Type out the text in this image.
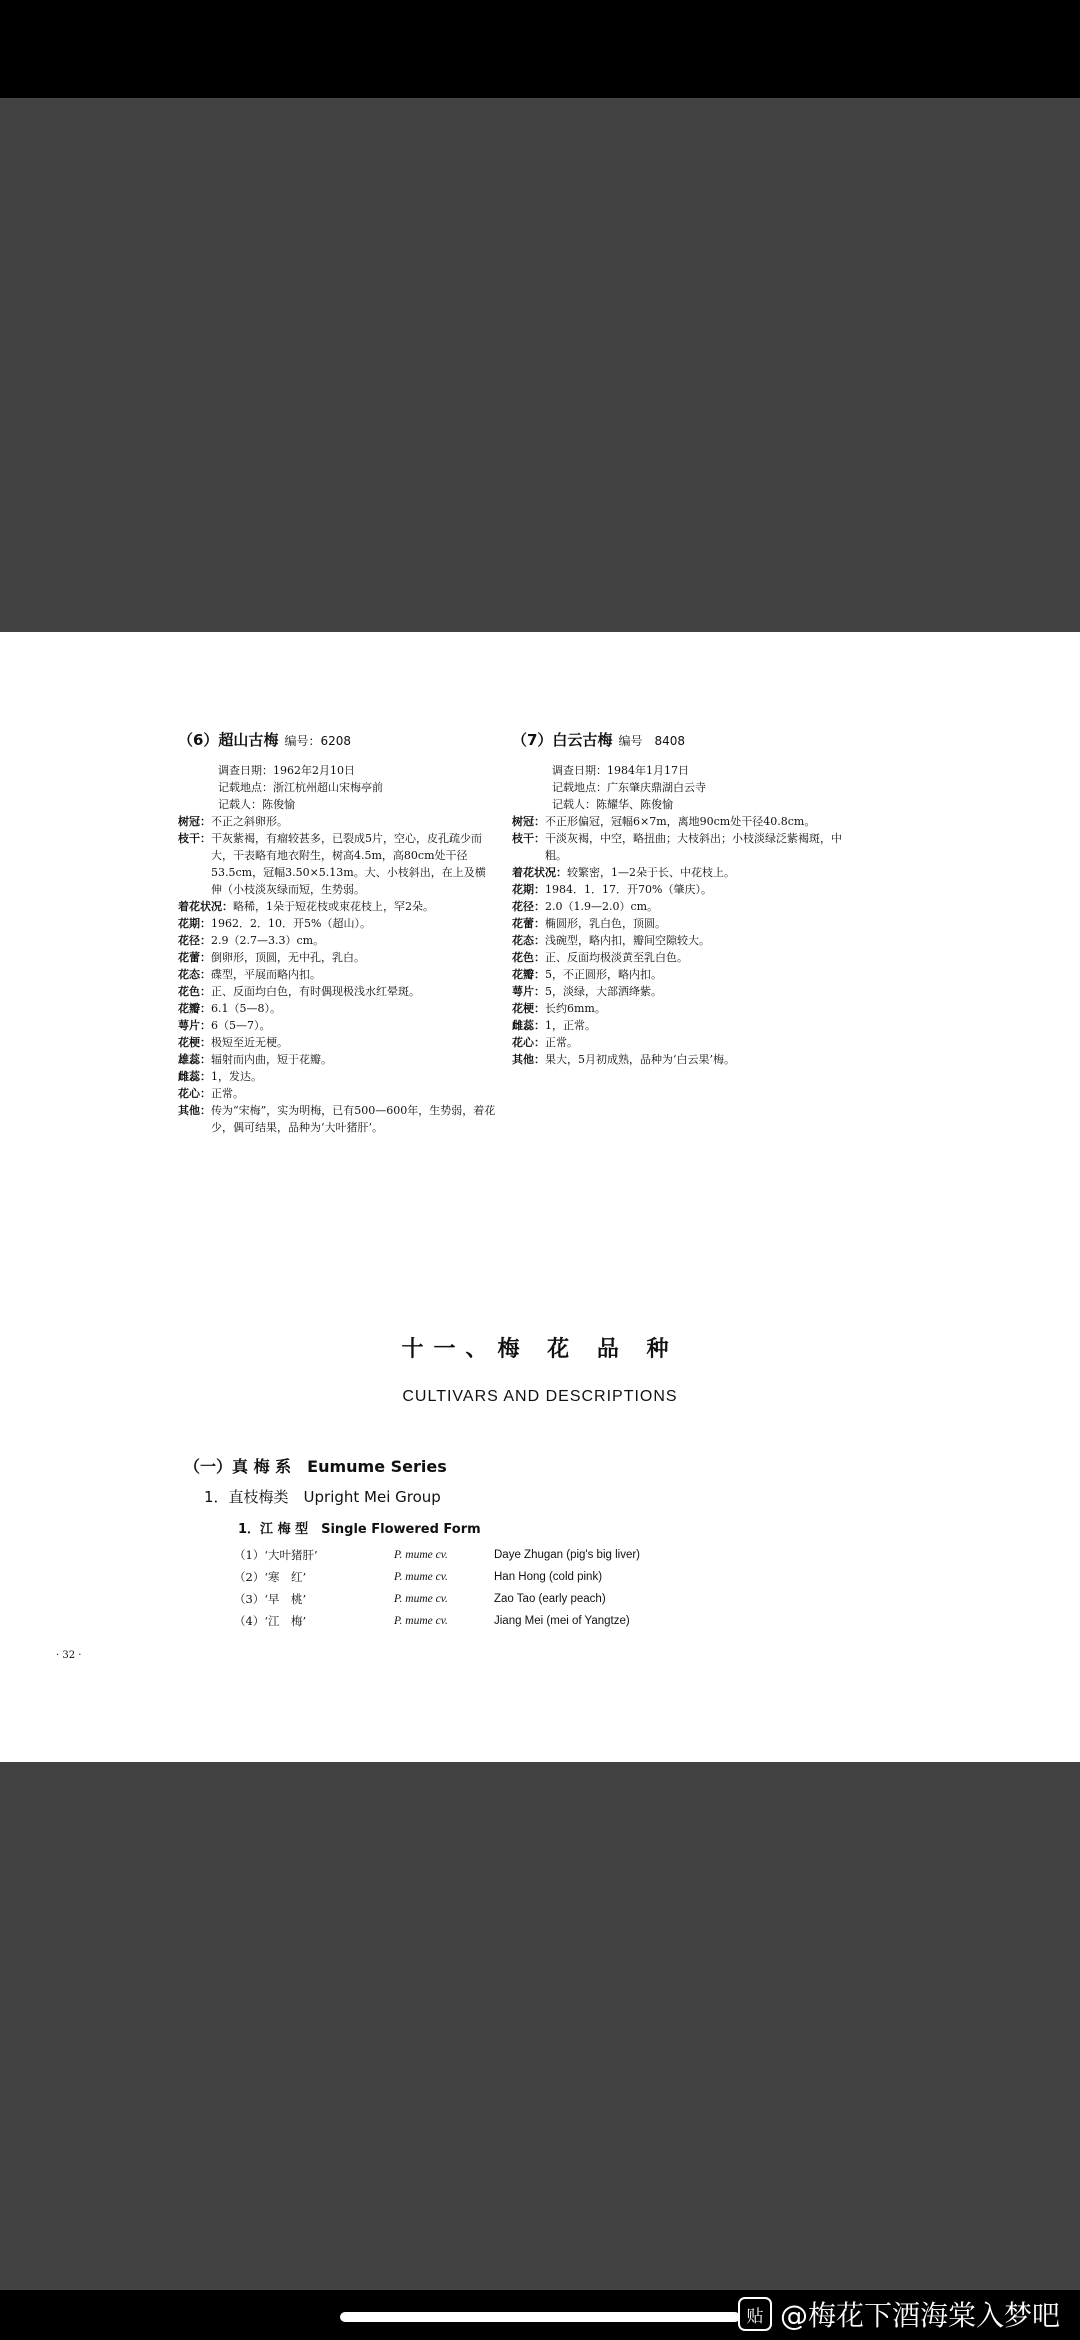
（6）超山古梅 编号：6208
调查日期：1962年2月10日
记载地点：浙江杭州超山宋梅亭前
记载人：陈俊愉
树冠： 不正之斜卵形。
枝干： 干灰紫褐，有瘤较甚多，已裂成5片，空心，皮孔疏少而大，干表略有地衣附生，树高4.5m，高80cm处干径53.5cm，冠幅3.50×5.13m。大、小枝斜出，在上及横伸（小枝淡灰绿而短，生势弱。
着花状况： 略稀，1朵于短花枝或束花枝上，罕2朵。
花期： 1962．2．10．开5%（超山）。
花径： 2.9（2.7—3.3）cm。
花蕾： 倒卵形，顶圆，无中孔，乳白。
花态： 碟型，平展而略内扣。
花色： 正、反面均白色，有时偶现极浅水红晕斑。
花瓣： 6.1（5—8）。
萼片： 6（5—7）。
花梗： 极短至近无梗。
雄蕊： 辐射而内曲，短于花瓣。
雌蕊： 1，发达。
花心： 正常。
其他： 传为“宋梅”，实为明梅，已有500—600年，生势弱，着花少，偶可结果，品种为‘大叶猪肝’。
（7）白云古梅 编号　8408
调查日期：1984年1月17日
记载地点：广东肇庆鼎湖白云寺
记载人：陈耀华、陈俊愉
树冠： 不正形偏冠，冠幅6×7m，离地90cm处干径40.8cm。
枝干： 干淡灰褐，中空，略扭曲；大枝斜出；小枝淡绿泛紫褐斑，中粗。
着花状况： 较繁密，1—2朵于长、中花枝上。
花期： 1984．1．17．开70%（肇庆）。
花径： 2.0（1.9—2.0）cm。
花蕾： 椭圆形，乳白色，顶圆。
花态： 浅碗型，略内扣，瓣间空隙较大。
花色： 正、反面均极淡黄至乳白色。
花瓣： 5，不正圆形，略内扣。
萼片： 5，淡绿，大部洒绛紫。
花梗： 长约6mm。
雌蕊： 1，正常。
花心： 正常。
其他： 果大，5月初成熟，品种为‘白云果’梅。
十一、梅 花 品 种
CULTIVARS AND DESCRIPTIONS
（一）真 梅 系　Eumume Series
1．直枝梅类　Upright Mei Group
1．江 梅 型　Single Flowered Form
（1）‘大叶猪肝’	P. mume cv.	Daye Zhugan (pig's big liver)
（2）‘寒　红’	P. mume cv.	Han Hong (cold pink)
（3）‘早　桃’	P. mume cv.	Zao Tao (early peach)
（4）‘江　梅’	P. mume cv.	Jiang Mei (mei of Yangtze)
· 32 ·
贴 @梅花下酒海棠入梦吧
